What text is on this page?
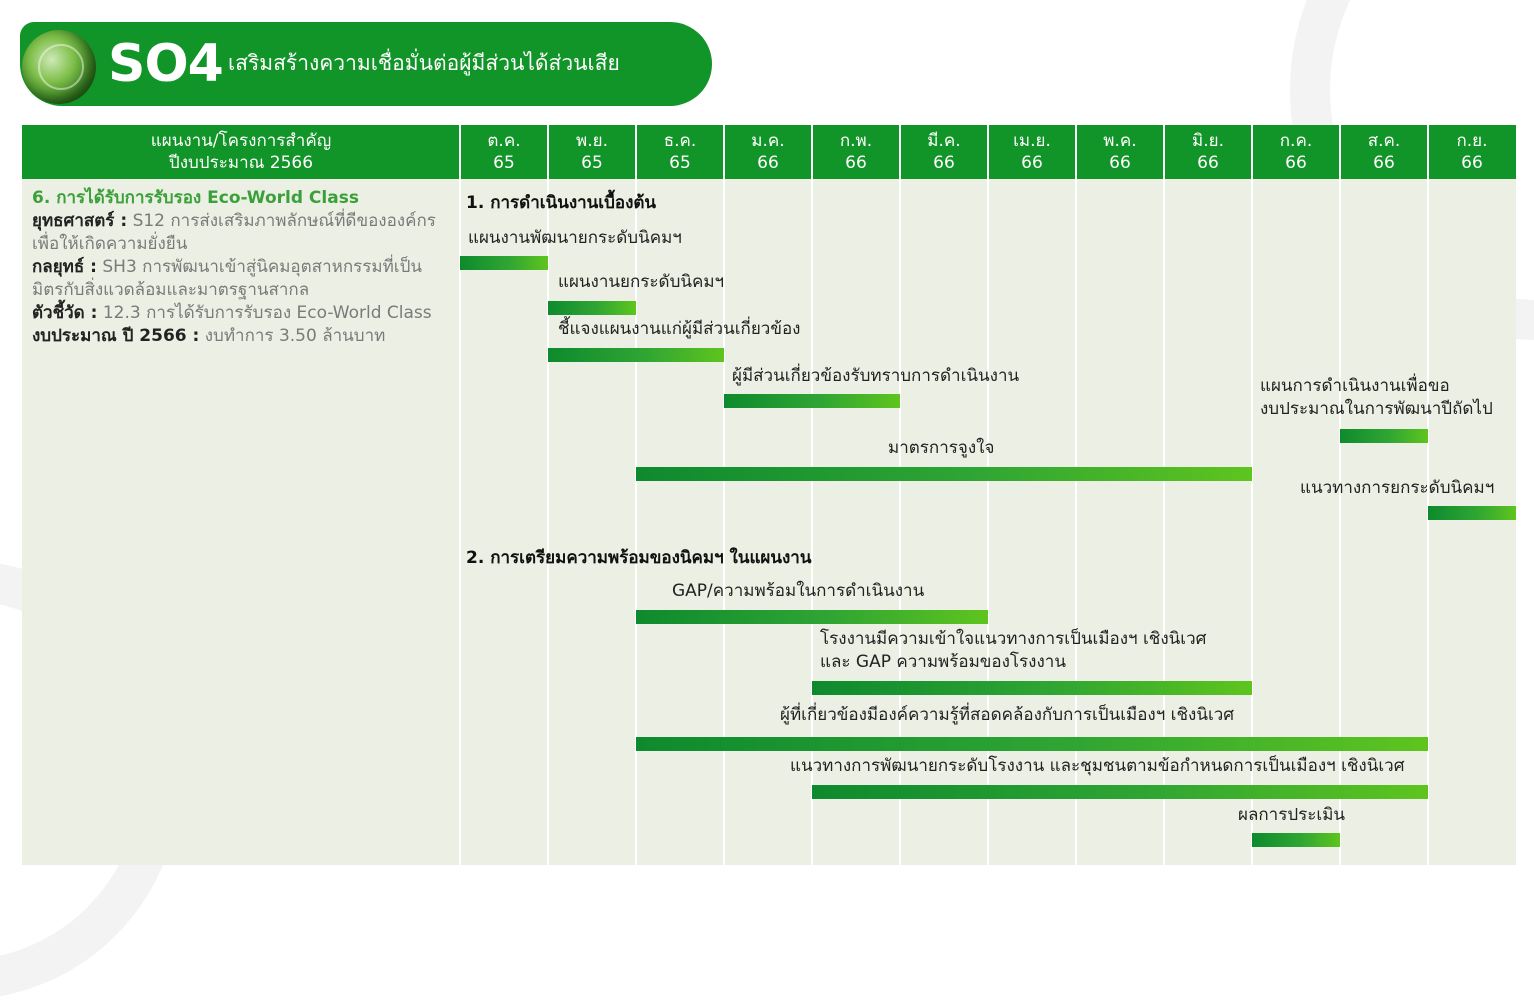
SO4 เสริมสร้างความเชื่อมั่นต่อผู้มีส่วนได้ส่วนเสีย
แผนงาน/โครงการสำคัญ
ปีงบประมาณ 2566
ต.ค.
65
พ.ย.
65
ธ.ค.
65
ม.ค.
66
ก.พ.
66
มี.ค.
66
เม.ย.
66
พ.ค.
66
มิ.ย.
66
ก.ค.
66
ส.ค.
66
ก.ย.
66
6. การได้รับการรับรอง Eco-World Class
ยุทธศาสตร์ : S12 การส่งเสริมภาพลักษณ์ที่ดีขององค์กรเพื่อให้เกิดความยั่งยืน
กลยุทธ์ : SH3 การพัฒนาเข้าสู่นิคมอุตสาหกรรมที่เป็นมิตรกับสิ่งแวดล้อมและมาตรฐานสากล
ตัวชี้วัด : 12.3 การได้รับการรับรอง Eco-World Class
งบประมาณ ปี 2566 : งบทำการ 3.50 ล้านบาท
1. การดำเนินงานเบื้องต้น
2. การเตรียมความพร้อมของนิคมฯ ในแผนงาน
แผนงานพัฒนายกระดับนิคมฯ
แผนงานยกระดับนิคมฯ
ชี้แจงแผนงานแก่ผู้มีส่วนเกี่ยวข้อง
ผู้มีส่วนเกี่ยวข้องรับทราบการดำเนินงาน	แผนการดำเนินงานเพื่อขอ
งบประมาณในการพัฒนาปีถัดไป
มาตรการจูงใจ
แนวทางการยกระดับนิคมฯ
GAP/ความพร้อมในการดำเนินงาน
โรงงานมีความเข้าใจแนวทางการเป็นเมืองฯ เชิงนิเวศ
และ GAP ความพร้อมของโรงงาน
ผู้ที่เกี่ยวข้องมีองค์ความรู้ที่สอดคล้องกับการเป็นเมืองฯ เชิงนิเวศ
แนวทางการพัฒนายกระดับโรงงาน และชุมชนตามข้อกำหนดการเป็นเมืองฯ เชิงนิเวศ
ผลการประเมิน
